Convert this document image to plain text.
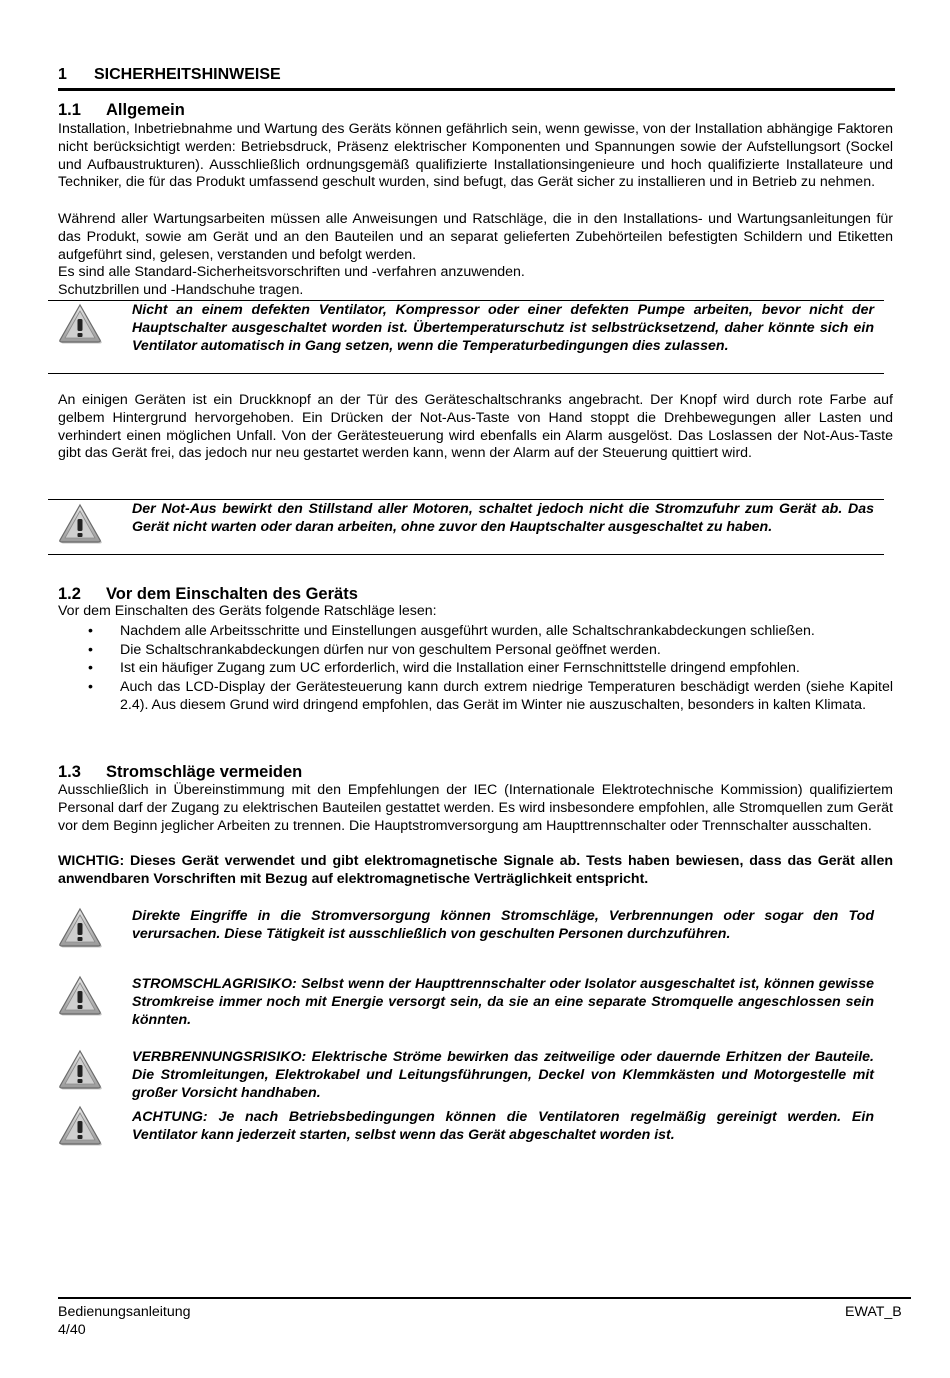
1 SICHERHEITSHINWEISE
1.1 Allgemein

Installation, Inbetriebnahme und Wartung des Geräts können gefährlich sein, wenn gewisse, von der Installation abhängige Faktoren nicht berücksichtigt werden: Betriebsdruck, Präsenz elektrischer Komponenten und Spannungen sowie der Aufstellungsort (Sockel und Aufbaustrukturen). Ausschließlich ordnungsgemäß qualifizierte Installationsingenieure und hoch qualifizierte Installateure und Techniker, die für das Produkt umfassend geschult wurden, sind befugt, das Gerät sicher zu installieren und in Betrieb zu nehmen.

Während aller Wartungsarbeiten müssen alle Anweisungen und Ratschläge, die in den Installations- und Wartungsanleitungen für das Produkt, sowie am Gerät und an den Bauteilen und an separat gelieferten Zubehörteilen befestigten Schildern und Etiketten aufgeführt sind, gelesen, verstanden und befolgt werden.

Es sind alle Standard-Sicherheitsvorschriften und -verfahren anzuwenden.

Schutzbrillen und -Handschuhe tragen.

Nicht an einem defekten Ventilator, Kompressor oder einer defekten Pumpe arbeiten, bevor nicht der Hauptschalter ausgeschaltet worden ist. Übertemperaturschutz ist selbstrücksetzend, daher könnte sich ein Ventilator automatisch in Gang setzen, wenn die Temperaturbedingungen dies zulassen.

An einigen Geräten ist ein Druckknopf an der Tür des Geräteschaltschranks angebracht. Der Knopf wird durch rote Farbe auf gelbem Hintergrund hervorgehoben. Ein Drücken der Not-Aus-Taste von Hand stoppt die Drehbewegungen aller Lasten und verhindert einen möglichen Unfall. Von der Gerätesteuerung wird ebenfalls ein Alarm ausgelöst. Das Loslassen der Not-Aus-Taste gibt das Gerät frei, das jedoch nur neu gestartet werden kann, wenn der Alarm auf der Steuerung quittiert wird.

Der Not-Aus bewirkt den Stillstand aller Motoren, schaltet jedoch nicht die Stromzufuhr zum Gerät ab. Das Gerät nicht warten oder daran arbeiten, ohne zuvor den Hauptschalter ausgeschaltet zu haben.
1.2 Vor dem Einschalten des Geräts

Vor dem Einschalten des Geräts folgende Ratschläge lesen:

• Nachdem alle Arbeitsschritte und Einstellungen ausgeführt wurden, alle Schaltschrankabdeckungen schließen.
• Die Schaltschrankabdeckungen dürfen nur von geschultem Personal geöffnet werden.
• Ist ein häufiger Zugang zum UC erforderlich, wird die Installation einer Fernschnittstelle dringend empfohlen.
• Auch das LCD-Display der Gerätesteuerung kann durch extrem niedrige Temperaturen beschädigt werden (siehe Kapitel 2.4). Aus diesem Grund wird dringend empfohlen, das Gerät im Winter nie auszuschalten, besonders in kalten Klimata.
1.3 Stromschläge vermeiden

Ausschließlich in Übereinstimmung mit den Empfehlungen der IEC (Internationale Elektrotechnische Kommission) qualifiziertem Personal darf der Zugang zu elektrischen Bauteilen gestattet werden. Es wird insbesondere empfohlen, alle Stromquellen zum Gerät vor dem Beginn jeglicher Arbeiten zu trennen. Die Hauptstromversorgung am Haupttrennschalter oder Trennschalter ausschalten.

WICHTIG: Dieses Gerät verwendet und gibt elektromagnetische Signale ab. Tests haben bewiesen, dass das Gerät allen anwendbaren Vorschriften mit Bezug auf elektromagnetische Verträglichkeit entspricht.

Direkte Eingriffe in die Stromversorgung können Stromschläge, Verbrennungen oder sogar den Tod verursachen. Diese Tätigkeit ist ausschließlich von geschulten Personen durchzuführen.
STROMSCHLAGRISIKO: Selbst wenn der Haupttrennschalter oder Isolator ausgeschaltet ist, können gewisse Stromkreise immer noch mit Energie versorgt sein, da sie an eine separate Stromquelle angeschlossen sein könnten.
VERBRENNUNGSRISIKO: Elektrische Ströme bewirken das zeitweilige oder dauernde Erhitzen der Bauteile. Die Stromleitungen, Elektrokabel und Leitungsführungen, Deckel von Klemmkästen und Motorgestelle mit großer Vorsicht handhaben.
ACHTUNG: Je nach Betriebsbedingungen können die Ventilatoren regelmäßig gereinigt werden. Ein Ventilator kann jederzeit starten, selbst wenn das Gerät abgeschaltet worden ist.
Bedienungsanleitung
4/40
EWAT_B
